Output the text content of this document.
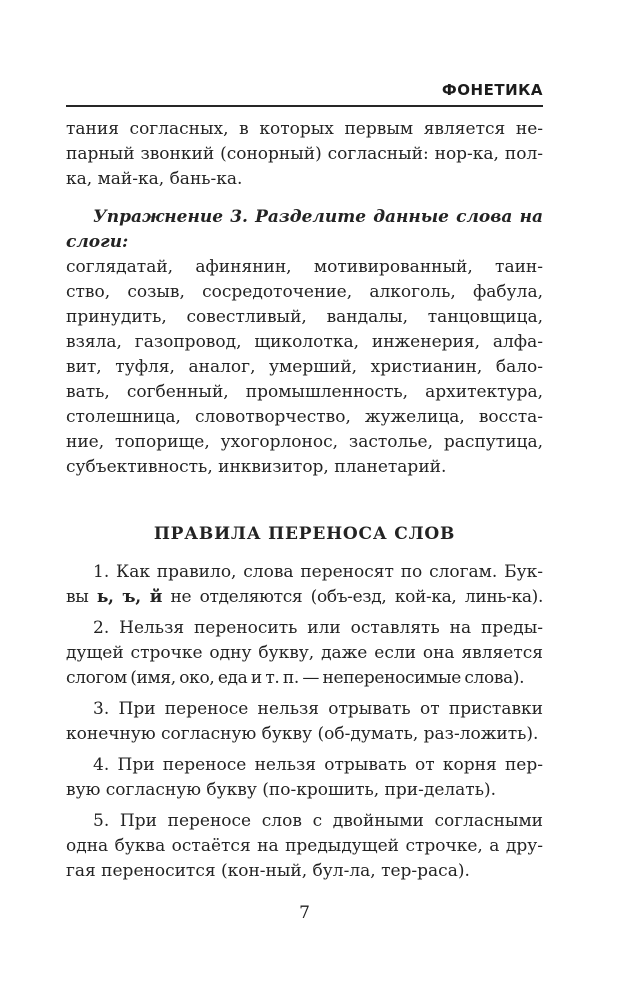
ФОНЕТИКА
тания согласных, в которых первым является не-
парный звонкий (сонорный) согласный: нор-ка, пол-
ка, май-ка, бань-ка.
Упражнение 3. Разделите данные слова на
слоги:
соглядатай, афинянин, мотивированный, таин-
ство, созыв, сосредоточение, алкоголь, фабула,
принудить, совестливый, вандалы, танцовщица,
взяла, газопровод, щиколотка, инженерия, алфа-
вит, туфля, аналог, умерший, христианин, бало-
вать, согбенный, промышленность, архитектура,
столешница, словотворчество, жужелица, восста-
ние, топорище, ухогорлонос, застолье, распутица,
субъективность, инквизитор, планетарий.
ПРАВИЛА ПЕРЕНОСА СЛОВ
1. Как правило, слова переносят по слогам. Бук-
вы ь, ъ, й не отделяются (объ-езд, кой-ка, линь-ка).
2. Нельзя переносить или оставлять на преды-
дущей строчке одну букву, даже если она является
слогом (имя, око, еда и т. п. — непереносимые слова).
3. При переносе нельзя отрывать от приставки
конечную согласную букву (об-думать, раз-ложить).
4. При переносе нельзя отрывать от корня пер-
вую согласную букву (по-крошить, при-делать).
5. При переносе слов с двойными согласными
одна буква остаётся на предыдущей строчке, а дру-
гая переносится (кон-ный, бул-ла, тер-раса).
7
